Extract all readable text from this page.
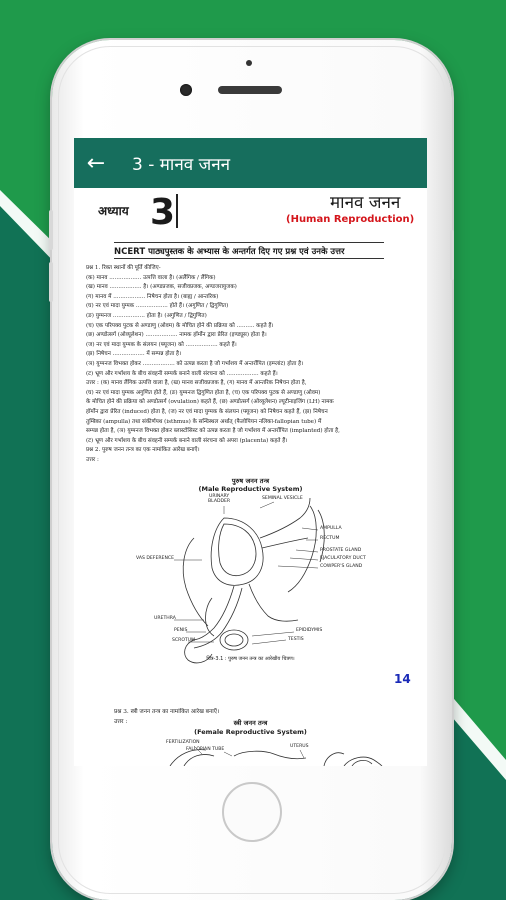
←	3 - मानव जनन
अध्याय 3	मानव जनन
(Human Reproduction)
NCERT पाठ्यपुस्तक के अभ्यास के अन्तर्गत दिए गए प्रश्न एवं उनके उत्तर
प्रश्न 1. रिक्त स्थानों की पूर्ति कीजिए-
(क) मानव .................. उत्पत्ति वाला है। (अलैंगिक / लैंगिक)
(ख) मानव .................. है। (अण्डप्रजक, सजीवप्रजक, अण्डजरायुजक)
(ग) मानव में .................. निषेचन होता है। (बाह्य / आन्तरिक)
(घ) नर एवं मादा युग्मक .................. होते हैं। (अगुणित / द्विगुणित)
(ङ) युग्मनज .................. होता है। (अगुणित / द्विगुणित)
(च) एक परिपक्व पुटक से अण्डाणु (ओवम) के मोचित होने की प्रक्रिया को .......... कहते हैं।
(छ) अण्डोत्सर्ग (ओव्यूलेशन) .................. नामक हॉर्मोन द्वारा प्रेरित (इण्ड्यूस) होता है।
(ज) नर एवं मादा युग्मक के संलयन (फ्यूजन) को .................. कहते हैं।
(झ) निषेचन .................. में सम्पन्न होता है।
(ञ) युग्मनज विभक्त होकर .................. को उत्पन्न करता है जो गर्भाशय में अन्तर्रोपित (इम्प्लांट) होता है।
(ट) भ्रूण और गर्भाशय के बीच संवहनी सम्पर्क बनाने वाली संरचना को .................. कहते हैं।
उत्तर : (क) मानव लैंगिक उत्पत्ति वाला है, (ख) मानव सजीवप्रजक है, (ग) मानव में आन्तरिक निषेचन होता है,
(घ) नर एवं मादा युग्मक अगुणित होते हैं, (ङ) युग्मनज द्विगुणित होता है, (च) एक परिपक्व पुटक से अण्डाणु (ओवम)
के मोचित होने की प्रक्रिया को अण्डोत्सर्ग (ovulation) कहते हैं, (छ) अण्डोत्सर्ग (ओव्यूलेशन) ल्यूटीनाइजिंग (LH) नामक
हॉर्मोन द्वारा प्रेरित (induced) होता है, (ज) नर एवं मादा युग्मक के संलयन (फ्यूजन) को निषेचन कहते हैं, (झ) निषेचन
तुम्बिका (ampulla) तथा संकीर्णपथ (isthmus) के सन्धिस्थल अर्थात् (फैलोपियन नलिका-fallopian tube) में
सम्पन्न होता है, (ञ) युग्मनज विभक्त होकर ब्लास्टोसिस्ट को उत्पन्न करता है जो गर्भाशय में अन्तर्रोपित (implanted) होता है,
(ट) भ्रूण और गर्भाशय के बीच संवहनी सम्पर्क बनाने वाली संरचना को अपरा (placenta) कहते हैं।
प्रश्न 2. पुरुष जनन तन्त्र का एक नामांकित आरेख बनाएँ।
उत्तर :
पुरुष जनन तन्त्र
(Male Reproductive System)
URINARY
BLADDER
SEMINAL VESICLE
VAS DEFERENCE
AMPULLA
RECTUM
PROSTATE GLAND
EJACULATORY DUCT
COWPER'S GLAND
URETHRA
PENIS
SCROTUM
EPIDIDYMIS
TESTIS
चित्र-3.1 : पुरुष जनन तन्त्र का आरेखीय चित्रण।
14
प्रश्न 3. स्त्री जनन तन्त्र का नामांकित आरेख बनाएँ।
उत्तर :	स्त्री जनन तन्त्र
(Female Reproductive System)
FERTILIZATION
FALLOPIAN TUBE
UTERUS
